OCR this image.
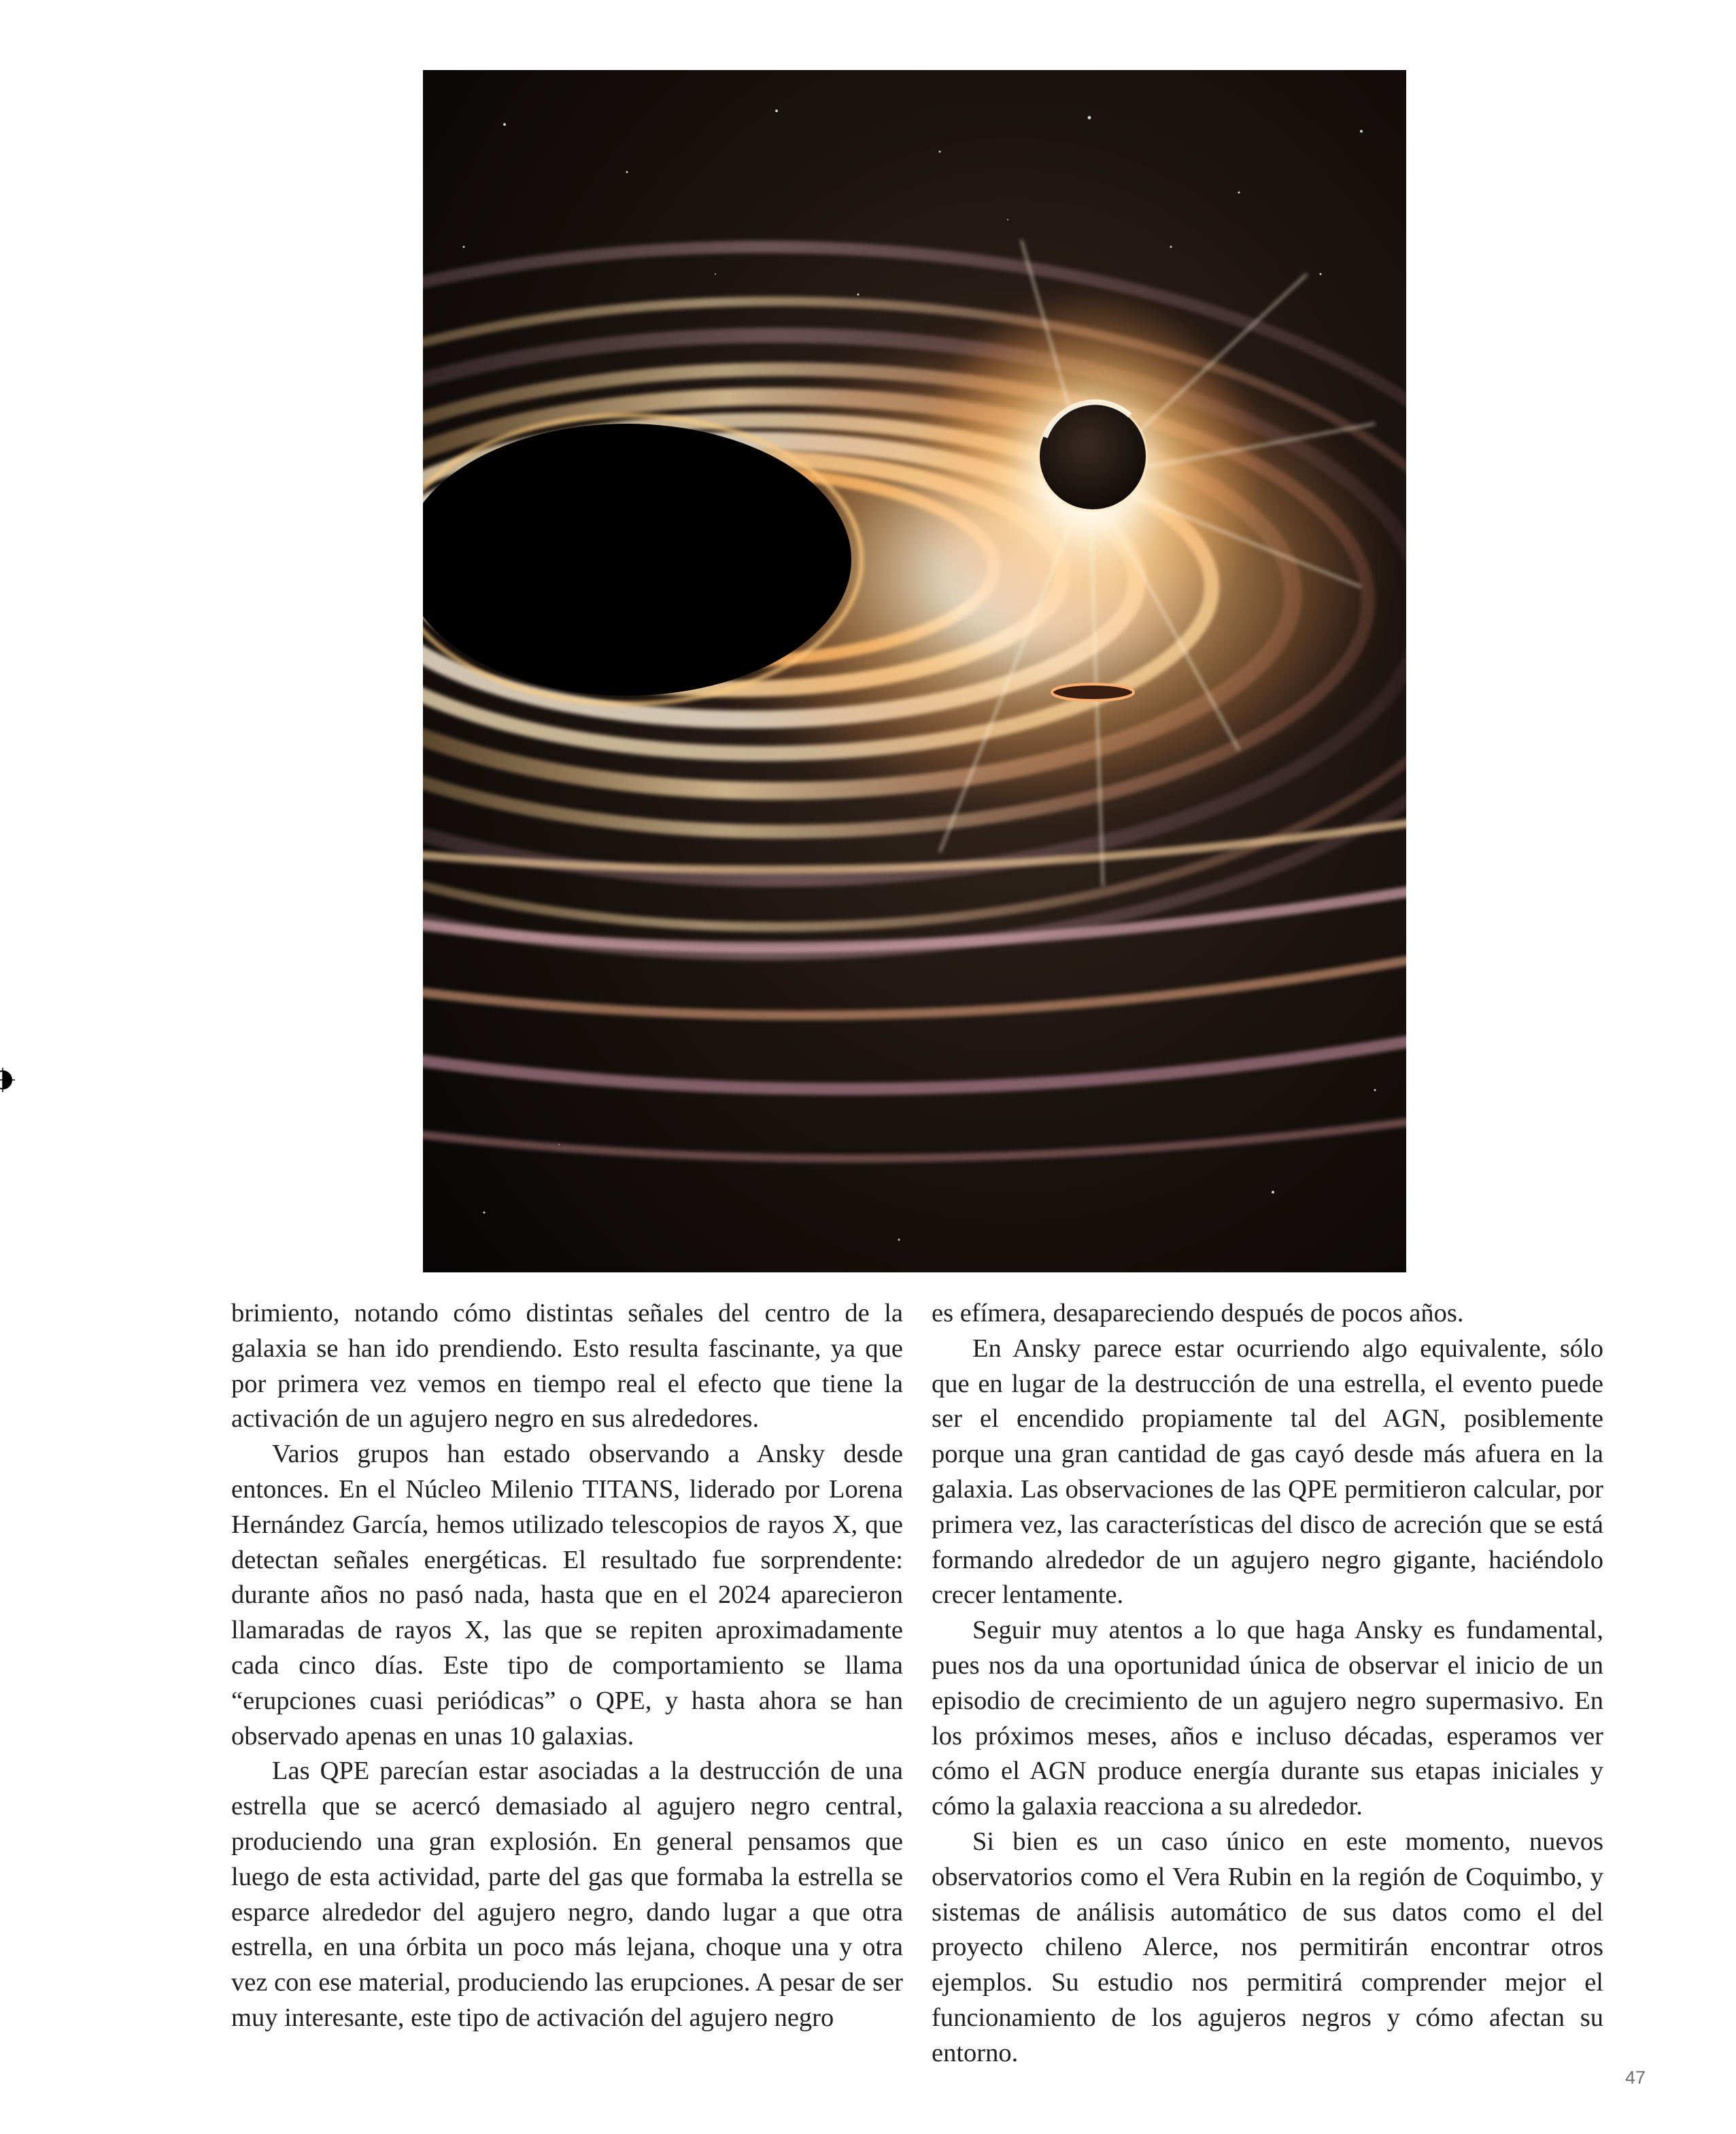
brimiento, notando cómo distintas señales del centro de la galaxia se han ido prendiendo. Esto resulta fascinante, ya que por primera vez vemos en tiempo real el efecto que tiene la activación de un agujero negro en sus alrededores.

Varios grupos han estado observando a Ansky desde entonces. En el Núcleo Milenio TITANS, liderado por Lorena Hernández García, hemos utilizado telescopios de rayos X, que detectan señales energéticas. El resultado fue sorprendente: durante años no pasó nada, hasta que en el 2024 aparecieron llamaradas de rayos X, las que se repiten aproximadamente cada cinco días. Este tipo de comportamiento se llama “erupciones cuasi periódicas” o QPE, y hasta ahora se han observado apenas en unas 10 galaxias.

Las QPE parecían estar asociadas a la destrucción de una estrella que se acercó demasiado al agujero negro central, produciendo una gran explosión. En general pensamos que luego de esta actividad, parte del gas que formaba la estrella se esparce alrededor del agujero negro, dando lugar a que otra estrella, en una órbita un poco más lejana, choque una y otra vez con ese material, produciendo las erupciones. A pesar de ser muy interesante, este tipo de activación del agujero negro

es efímera, desapareciendo después de pocos años.

En Ansky parece estar ocurriendo algo equivalente, sólo que en lugar de la destrucción de una estrella, el evento puede ser el encendido propiamente tal del AGN, posiblemente porque una gran cantidad de gas cayó desde más afuera en la galaxia. Las observaciones de las QPE permitieron calcular, por primera vez, las características del disco de acreción que se está formando alrededor de un agujero negro gigante, haciéndolo crecer lentamente.

Seguir muy atentos a lo que haga Ansky es fundamental, pues nos da una oportunidad única de observar el inicio de un episodio de crecimiento de un agujero negro supermasivo. En los próximos meses, años e incluso décadas, esperamos ver cómo el AGN produce energía durante sus etapas iniciales y cómo la galaxia reacciona a su alrededor.

Si bien es un caso único en este momento, nuevos observatorios como el Vera Rubin en la región de Coquimbo, y sistemas de análisis automático de sus datos como el del proyecto chileno Alerce, nos permitirán encontrar otros ejemplos. Su estudio nos permitirá comprender mejor el funcionamiento de los agujeros negros y cómo afectan su entorno.

47
